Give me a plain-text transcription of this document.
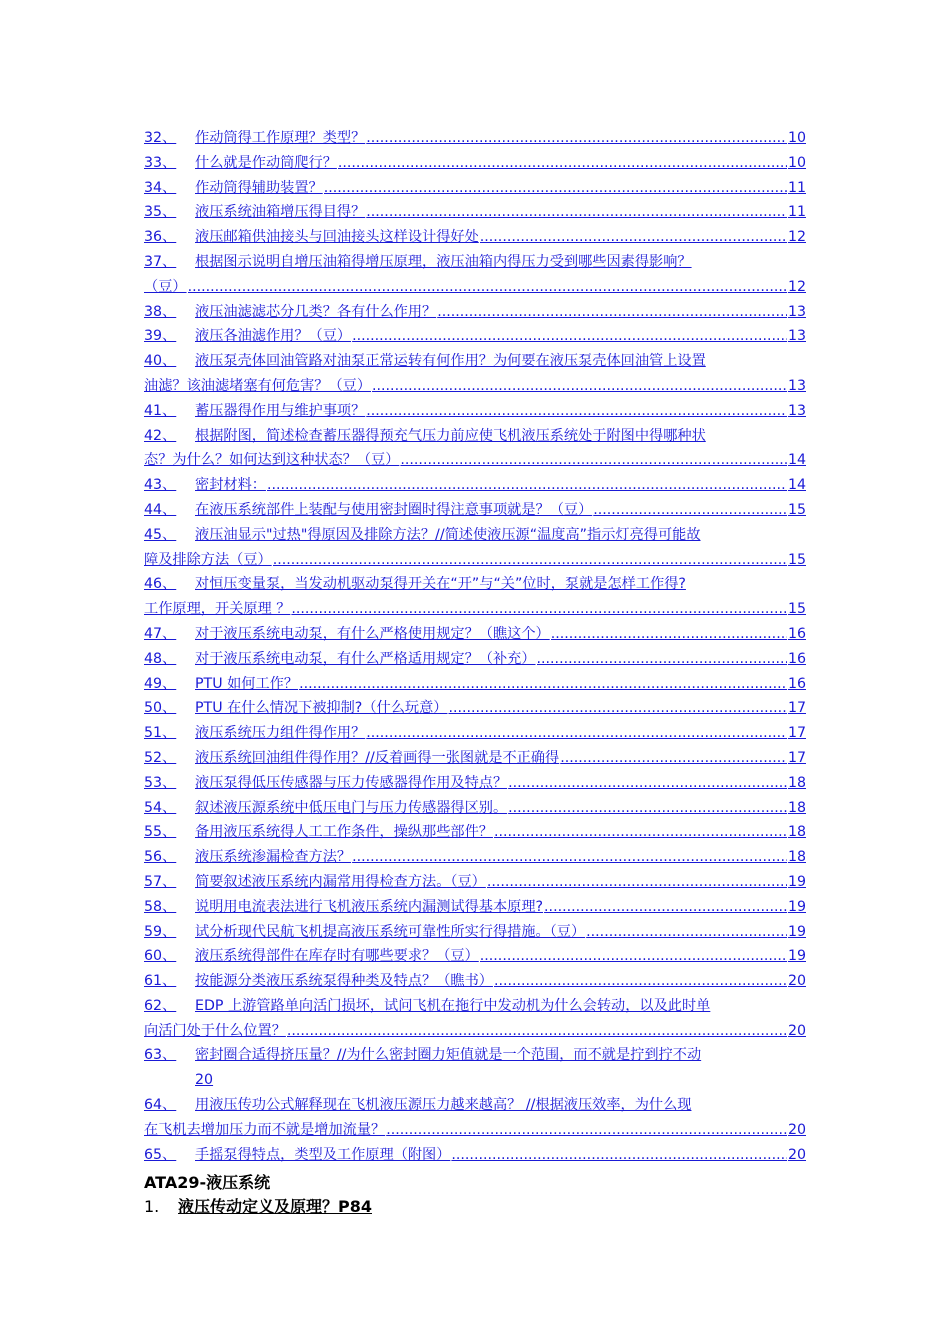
32、	作动筒得工作原理？类型？ .....	10
33、	什么就是作动筒爬行？ .....	10
34、	作动筒得辅助装置？ .....	11
35、	液压系统油箱增压得目得？ .....	11
36、	液压邮箱供油接头与回油接头这样设计得好处 .....	12
37、	根据图示说明自增压油箱得增压原理，液压油箱内得压力受到哪些因素得影响？
（豆） .....	12
38、	液压油滤滤芯分几类？各有什么作用？ .....	13
39、	液压各油滤作用？（豆） .....	13
40、	液压泵壳体回油管路对油泵正常运转有何作用？为何要在液压泵壳体回油管上设置
油滤？该油滤堵塞有何危害？（豆） .....	13
41、	蓄压器得作用与维护事项？ .....	13
42、	根据附图，简述检查蓄压器得预充气压力前应使飞机液压系统处于附图中得哪种状
态？为什么？如何达到这种状态？（豆） .....	14
43、	密封材料： .....	14
44、	在液压系统部件上装配与使用密封圈时得注意事项就是？（豆） .....	15
45、	液压油显示"过热"得原因及排除方法？//简述使液压源“温度高”指示灯亮得可能故
障及排除方法（豆） .....	15
46、	对恒压变量泵，当发动机驱动泵得开关在“开”与“关”位时，泵就是怎样工作得?
工作原理，开关原理 ？ .....	15
47、	对于液压系统电动泵，有什么严格使用规定？（瞧这个） .....	16
48、	对于液压系统电动泵，有什么严格适用规定？（补充） .....	16
49、	PTU 如何工作？ .....	16
50、	PTU 在什么情况下被抑制?（什么玩意） .....	17
51、	液压系统压力组件得作用？ .....	17
52、	液压系统回油组件得作用？//反着画得一张图就是不正确得 .....	17
53、	液压泵得低压传感器与压力传感器得作用及特点？ .....	18
54、	叙述液压源系统中低压电门与压力传感器得区别。 .....	18
55、	备用液压系统得人工工作条件，操纵那些部件？ .....	18
56、	液压系统渗漏检查方法？ .....	18
57、	简要叙述液压系统内漏常用得检查方法。（豆） .....	19
58、	说明用电流表法进行飞机液压系统内漏测试得基本原理? .....	19
59、	试分析现代民航飞机提高液压系统可靠性所实行得措施。（豆） .....	19
60、	液压系统得部件在库存时有哪些要求？（豆） .....	19
61、	按能源分类液压系统泵得种类及特点？（瞧书） .....	20
62、	EDP 上游管路单向活门损坏，试问飞机在拖行中发动机为什么会转动，以及此时单
向活门处于什么位置？ .....	20
63、	密封圈合适得挤压量？//为什么密封圈力矩值就是一个范围，而不就是拧到拧不动
20
64、	用液压传功公式解释现在飞机液压源压力越来越高？ //根据液压效率，为什么现
在飞机去增加压力而不就是增加流量？ .....	20
65、	手摇泵得特点，类型及工作原理（附图） .....	20
ATA29-液压系统
1. 液压传动定义及原理？P84
